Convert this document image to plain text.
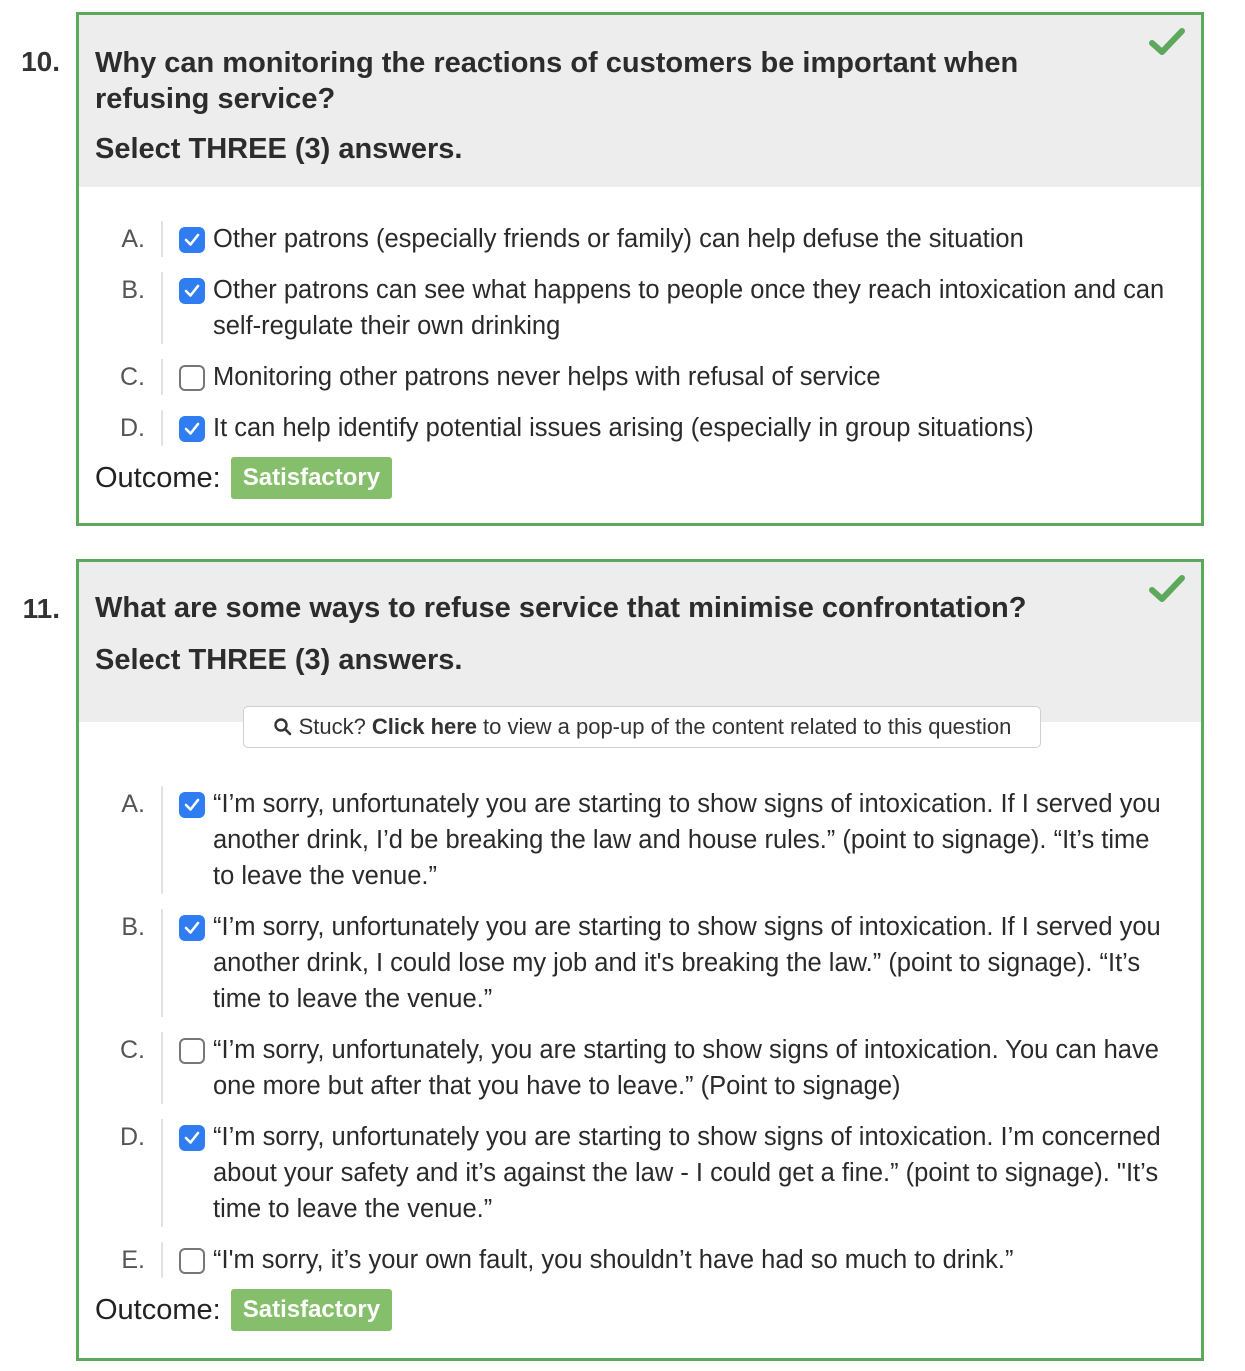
10. Why can monitoring the reactions of customers be important when refusing service?
Select THREE (3) answers.
A.	Other patrons (especially friends or family) can help defuse the situation
B.	Other patrons can see what happens to people once they reach intoxication and can self-regulate their own drinking
C.	Monitoring other patrons never helps with refusal of service
D.	It can help identify potential issues arising (especially in group situations)
Outcome: Satisfactory
11. What are some ways to refuse service that minimise confrontation?
Select THREE (3) answers.
Stuck? Click here to view a pop-up of the content related to this question
A.	“I’m sorry, unfortunately you are starting to show signs of intoxication. If I served you another drink, I’d be breaking the law and house rules.” (point to signage). “It’s time to leave the venue.”
B.	“I’m sorry, unfortunately you are starting to show signs of intoxication. If I served you another drink, I could lose my job and it's breaking the law.” (point to signage). “It’s time to leave the venue.”
C.	“I’m sorry, unfortunately, you are starting to show signs of intoxication. You can have one more but after that you have to leave.” (Point to signage)
D.	“I’m sorry, unfortunately you are starting to show signs of intoxication. I’m concerned about your safety and it’s against the law - I could get a fine.” (point to signage). "It’s time to leave the venue.”
E.	“I'm sorry, it’s your own fault, you shouldn’t have had so much to drink.”
Outcome: Satisfactory
